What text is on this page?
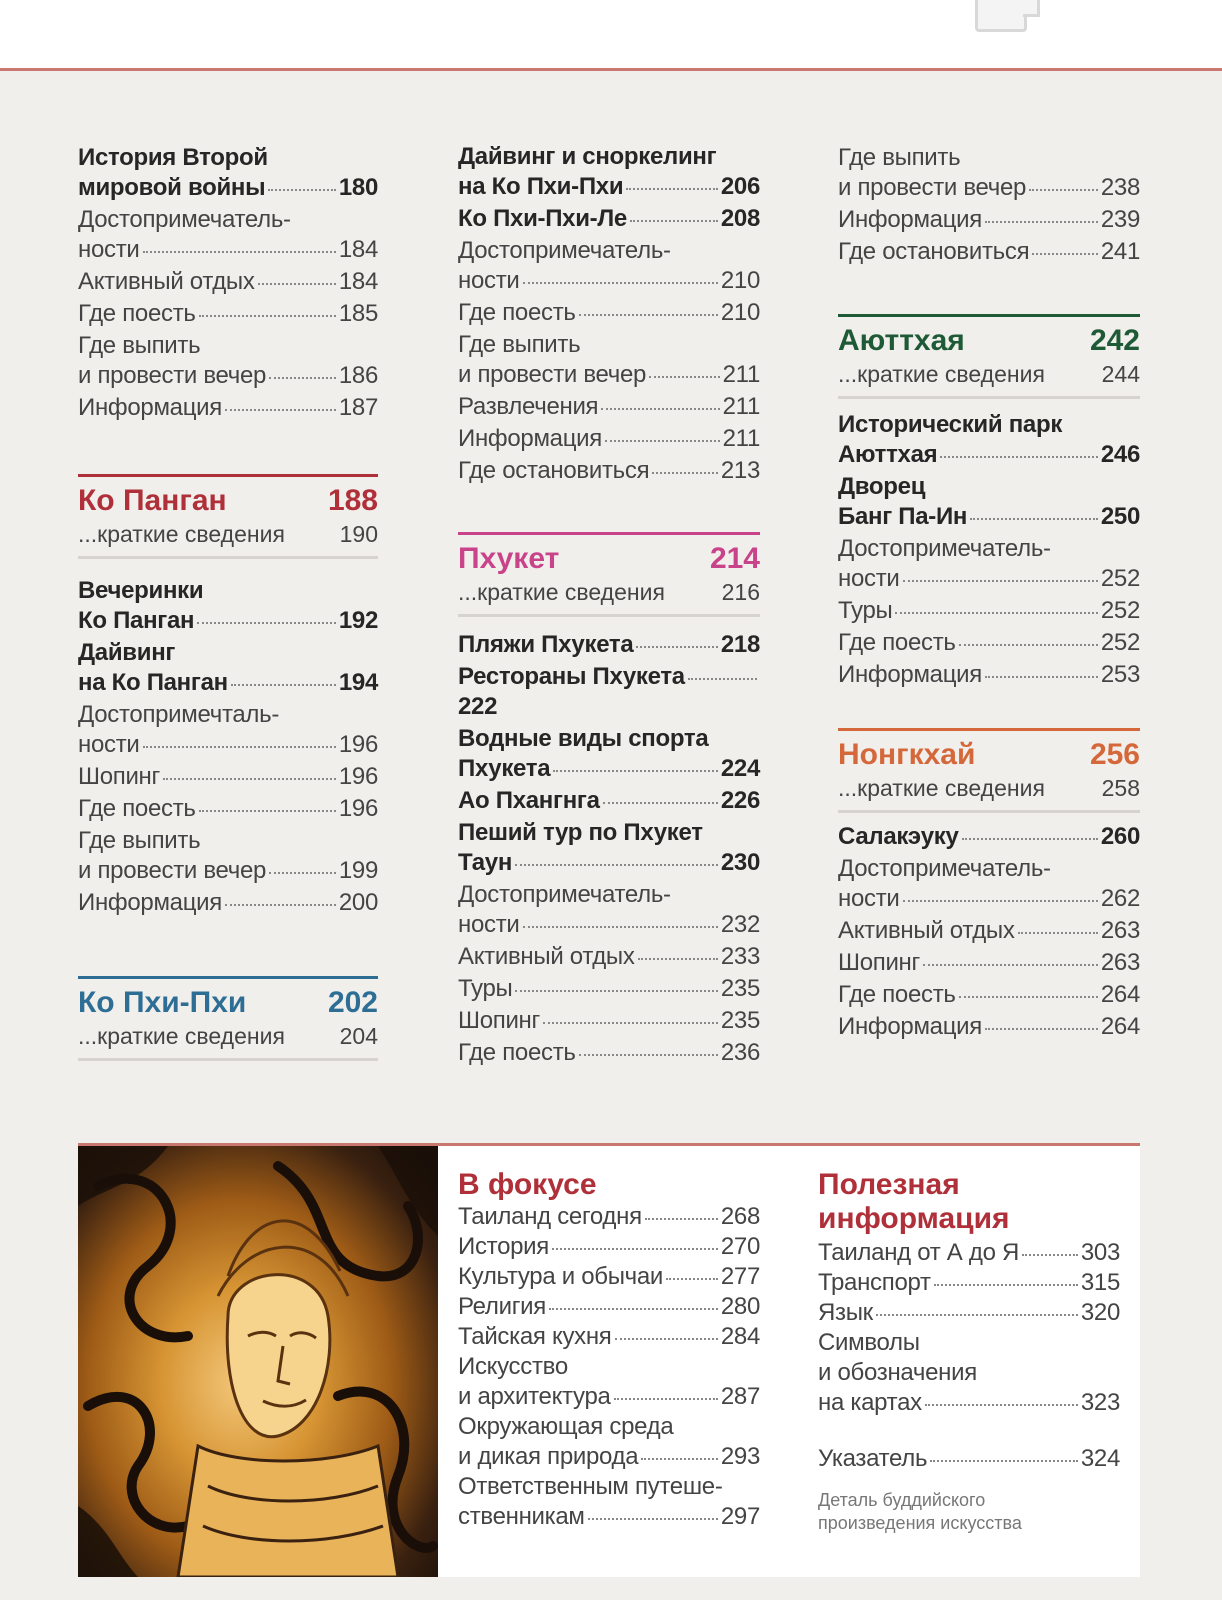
История Второй
мировой войны	180
Достопримечатель-
ности	184
Активный отдых	184
Где поесть	185
Где выпить
и провести вечер	186
Информация	187
Ко Панган	188
...краткие сведения 190
Вечеринки
Ко Панган	192
Дайвинг
на Ко Панган	194
Достопримечталь-
ности	196
Шопинг	196
Где поесть	196
Где выпить
и провести вечер	199
Информация	200
Ко Пхи-Пхи	202
...краткие сведения 204
Дайвинг и сноркелинг
на Ко Пхи-Пхи	206
Ко Пхи-Пхи-Ле	208
Достопримечатель-
ности	210
Где поесть	210
Где выпить
и провести вечер	211
Развлечения	211
Информация	211
Где остановиться	213
Пхукет	214
...краткие сведения 216
Пляжи Пхукета	218
Рестораны Пхукета
222
Водные виды спорта
Пхукета	224
Ао Пхангнга	226
Пеший тур по Пхукет
Таун	230
Достопримечатель-
ности	232
Активный отдых	233
Туры	235
Шопинг	235
Где поесть	236
Где выпить
и провести вечер	238
Информация	239
Где остановиться	241
Аюттхая	242
...краткие сведения 244
Исторический парк
Аюттхая	246
Дворец
Банг Па-Ин	250
Достопримечатель-
ности	252
Туры	252
Где поесть	252
Информация	253
Нонгкхай	256
...краткие сведения 258
Салакэуку	260
Достопримечатель-
ности	262
Активный отдых	263
Шопинг	263
Где поесть	264
Информация	264
В фокусе
Таиланд сегодня	268
История	270
Культура и обычаи 277
Религия	280
Тайская кухня	284
Искусство
и архитектура	287
Окружающая среда
и дикая природа	293
Ответственным путеше-
ственникам	297
Полезная
информация
Деталь буддийского
произведения искусства
Таиланд от А до Я	303
Транспорт	315
Язык	320
Символы
и обозначения
на картах	323
Указатель	324
